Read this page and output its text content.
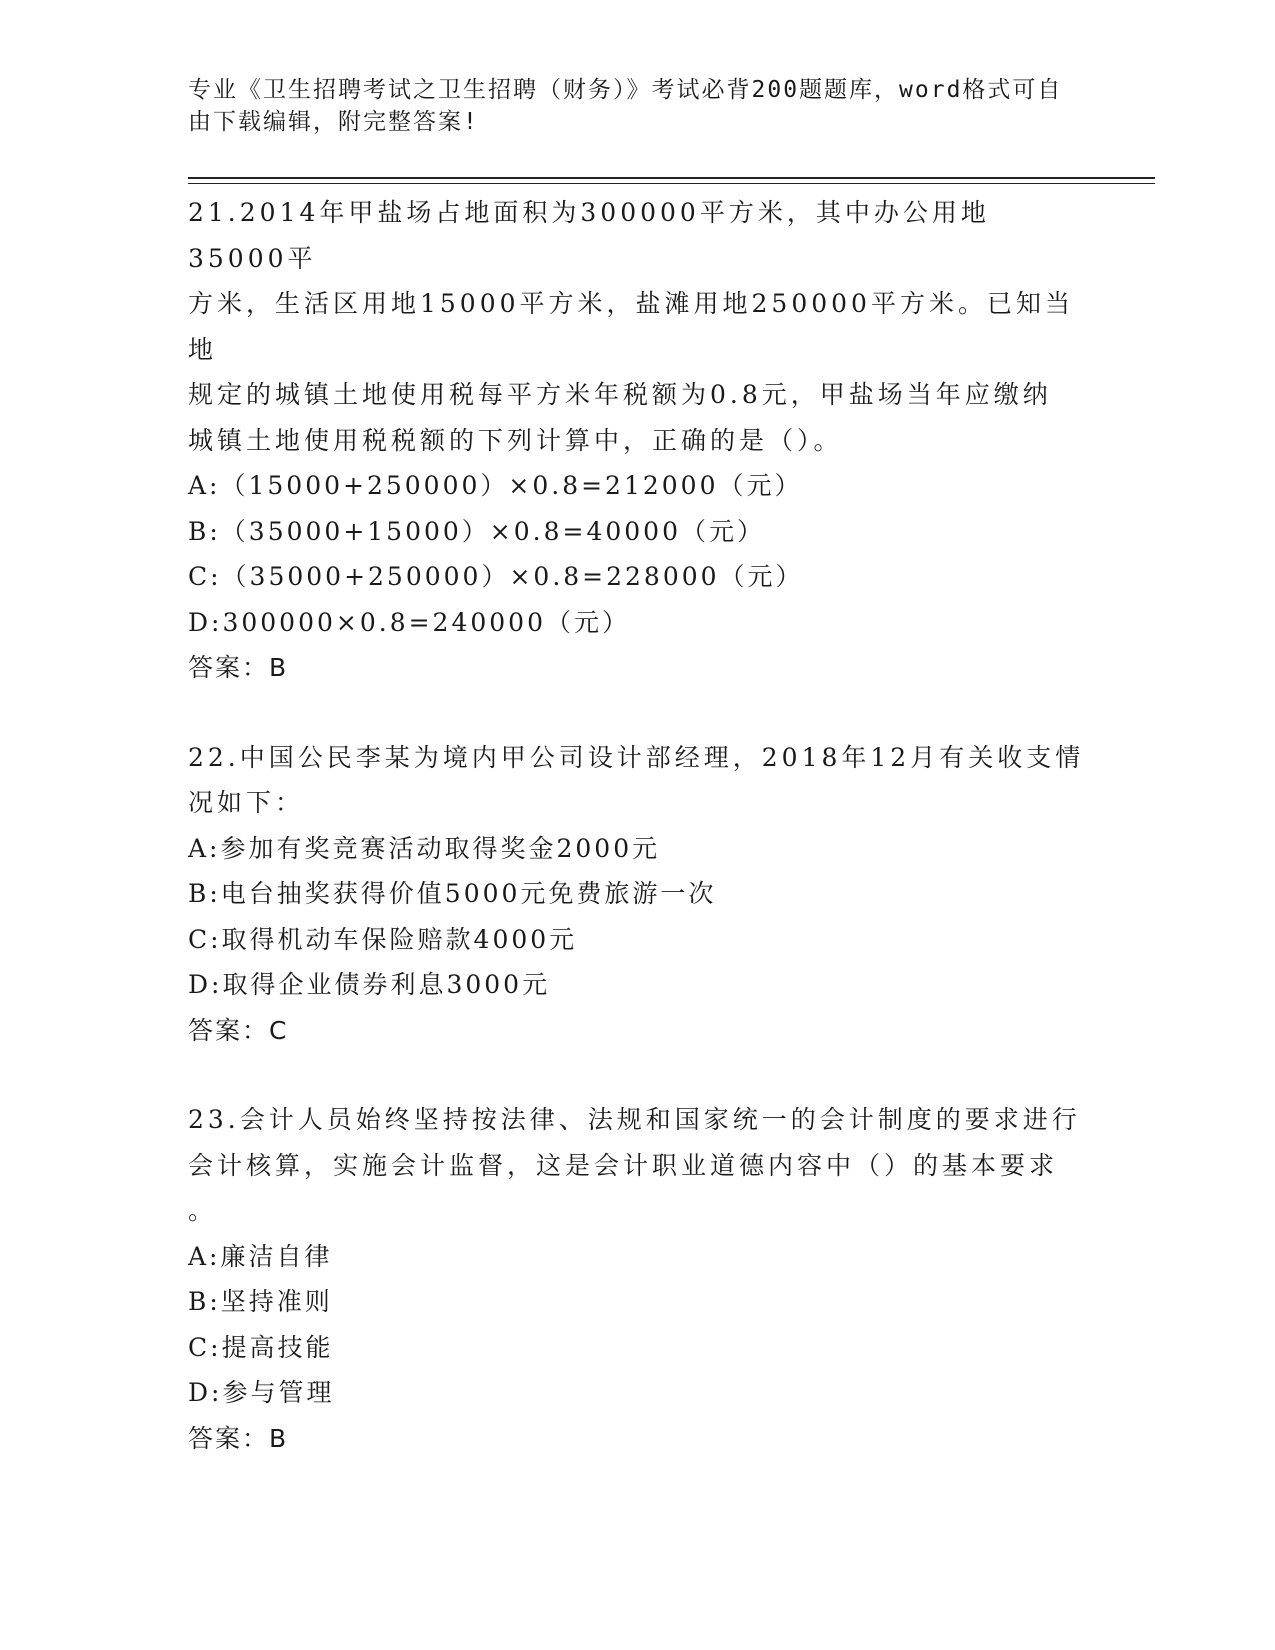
专业《卫生招聘考试之卫生招聘（财务）》考试必背200题题库，word格式可自
由下载编辑，附完整答案!

21.2014年甲盐场占地面积为300000平方米，其中办公用地35000平

方米，生活区用地15000平方米，盐滩用地250000平方米。已知当地

规定的城镇土地使用税每平方米年税额为0.8元，甲盐场当年应缴纳

城镇土地使用税税额的下列计算中，正确的是（）。

A:（15000+250000）×0.8=212000（元）

B:（35000+15000）×0.8=40000（元）

C:（35000+250000）×0.8=228000（元）

D:300000×0.8=240000（元）

答案：B

22.中国公民李某为境内甲公司设计部经理，2018年12月有关收支情

况如下：

A:参加有奖竞赛活动取得奖金2000元

B:电台抽奖获得价值5000元免费旅游一次

C:取得机动车保险赔款4000元

D:取得企业债券利息3000元

答案：C

23.会计人员始终坚持按法律、法规和国家统一的会计制度的要求进行

会计核算，实施会计监督，这是会计职业道德内容中（）的基本要求

。

A:廉洁自律

B:坚持准则

C:提高技能

D:参与管理

答案：B
